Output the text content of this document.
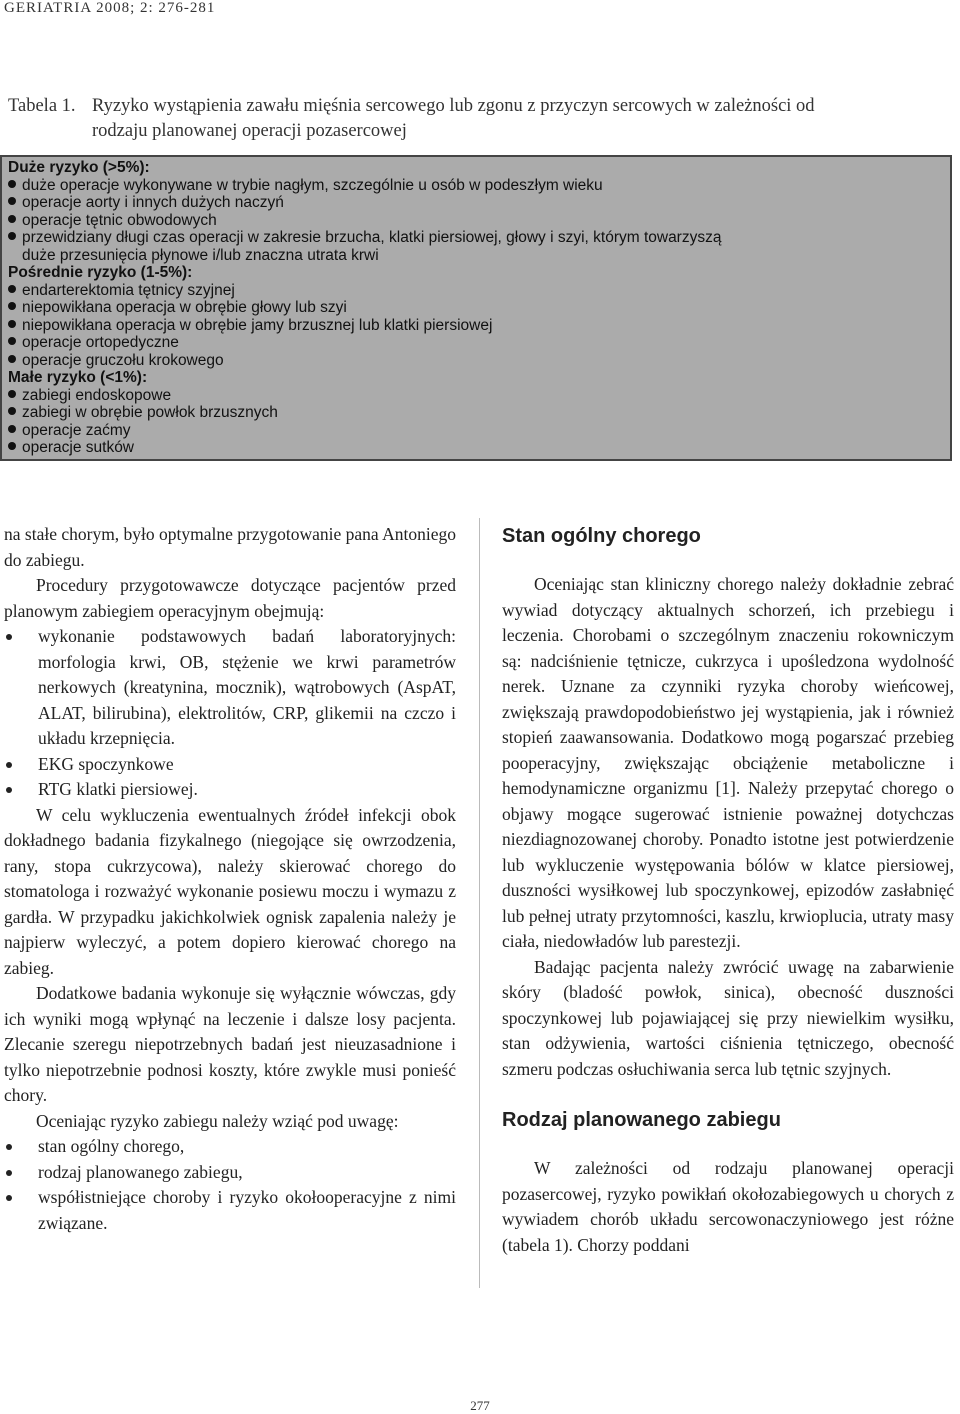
GERIATRIA 2008; 2: 276-281
Tabela 1. Ryzyko wystąpienia zawału mięśnia sercowego lub zgonu z przyczyn sercowych w zależności od
rodzaju planowanej operacji pozasercowej
Duże ryzyko (>5%):
duże operacje wykonywane w trybie nagłym, szczególnie u osób w podeszłym wieku
operacje aorty i innych dużych naczyń
operacje tętnic obwodowych
przewidziany długi czas operacji w zakresie brzucha, klatki piersiowej, głowy i szyi, którym towarzyszą
duże przesunięcia płynowe i/lub znaczna utrata krwi
Pośrednie ryzyko (1-5%):
endarterektomia tętnicy szyjnej
niepowikłana operacja w obrębie głowy lub szyi
niepowikłana operacja w obrębie jamy brzusznej lub klatki piersiowej
operacje ortopedyczne
operacje gruczołu krokowego
Małe ryzyko (<1%):
zabiegi endoskopowe
zabiegi w obrębie powłok brzusznych
operacje zaćmy
operacje sutków

na stałe chorym, było optymalne przygotowanie pana Antoniego do zabiegu.

Procedury przygotowawcze dotyczące pacjentów przed planowym zabiegiem operacyjnym obejmują:

wykonanie podstawowych badań laboratoryjnych: morfologia krwi, OB, stężenie we krwi parametrów nerkowych (kreatynina, mocznik), wątrobowych (AspAT, ALAT, bilirubina), elektrolitów, CRP, glikemii na czczo i układu krzepnięcia.

EKG spoczynkowe

RTG klatki piersiowej.

W celu wykluczenia ewentualnych źródeł infekcji obok dokładnego badania fizykalnego (niegojące się owrzodzenia, rany, stopa cukrzycowa), należy skierować chorego do stomatologa i rozważyć wykonanie posiewu moczu i wymazu z gardła. W przypadku jakichkolwiek ognisk zapalenia należy je najpierw wyleczyć, a potem dopiero kierować chorego na zabieg.

Dodatkowe badania wykonuje się wyłącznie wówczas, gdy ich wyniki mogą wpłynąć na leczenie i dalsze losy pacjenta. Zlecanie szeregu niepotrzebnych badań jest nieuzasadnione i tylko niepotrzebnie podnosi koszty, które zwykle musi ponieść chory.

Oceniając ryzyko zabiegu należy wziąć pod uwagę:

stan ogólny chorego,

rodzaj planowanego zabiegu,

współistniejące choroby i ryzyko okołooperacyjne z nimi związane.

Stan ogólny chorego

Oceniając stan kliniczny chorego należy dokładnie zebrać wywiad dotyczący aktualnych schorzeń, ich przebiegu i leczenia. Chorobami o szczególnym znaczeniu rokowniczym są: nadciśnienie tętnicze, cukrzyca i upośledzona wydolność nerek. Uznane za czynniki ryzyka choroby wieńcowej, zwiększają prawdopodobieństwo jej wystąpienia, jak i również stopień zaawansowania. Dodatkowo mogą pogarszać przebieg pooperacyjny, zwiększając obciążenie metaboliczne i hemodynamiczne organizmu [1]. Należy przepytać chorego o objawy mogące sugerować istnienie poważnej dotychczas niezdiagnozowanej choroby. Ponadto istotne jest potwierdzenie lub wykluczenie występowania bólów w klatce piersiowej, duszności wysiłkowej lub spoczynkowej, epizodów zasłabnięć lub pełnej utraty przytomności, kaszlu, krwioplucia, utraty masy ciała, niedowładów lub parestezji.

Badając pacjenta należy zwrócić uwagę na zabarwienie skóry (bladość powłok, sinica), obecność duszności spoczynkowej lub pojawiającej się przy niewielkim wysiłku, stan odżywienia, wartości ciśnienia tętniczego, obecność szmeru podczas osłuchiwania serca lub tętnic szyjnych.

Rodzaj planowanego zabiegu

W zależności od rodzaju planowanej operacji pozasercowej, ryzyko powikłań okołozabiegowych u chorych z wywiadem chorób układu sercowonaczyniowego jest różne (tabela 1). Chorzy poddani

277
